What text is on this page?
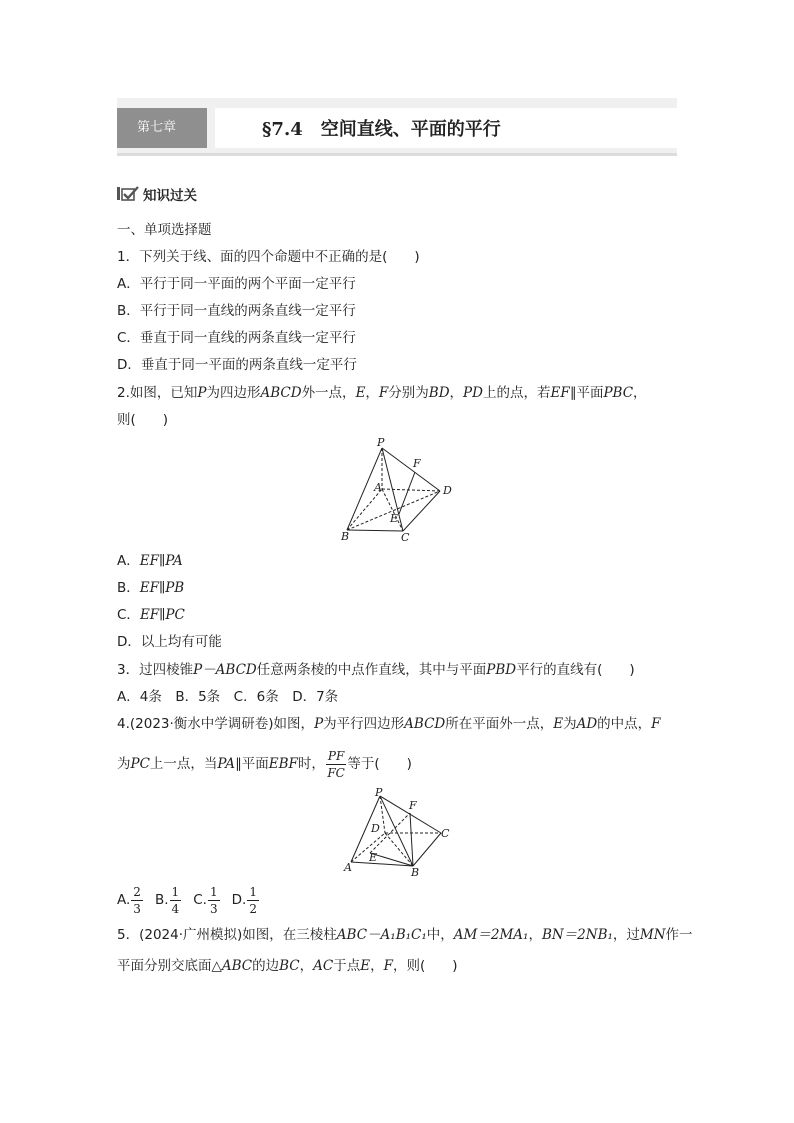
第七章	§7.4　空间直线、平面的平行
知识过关
一、单项选择题
1．下列关于线、面的四个命题中不正确的是(　　)
A．平行于同一平面的两个平面一定平行
B．平行于同一直线的两条直线一定平行
C．垂直于同一直线的两条直线一定平行
D．垂直于同一平面的两条直线一定平行
2.如图，已知P为四边形ABCD外一点，E，F分别为BD，PD上的点，若EF∥平面PBC，
则(　　)
P
F
A	D
E
B	C
A．EF∥PA
B．EF∥PB
C．EF∥PC
D．以上均有可能
3．过四棱锥P－ABCD任意两条棱的中点作直线，其中与平面PBD平行的直线有(　　)
A．4条　B．5条　C．6条　D．7条
4.(2023·衡水中学调研卷)如图，P为平行四边形ABCD所在平面外一点，E为AD的中点，F
为PC上一点，当PA∥平面EBF时， $\frac{PF}{FC}$ 等于(　　)
P
F
D	C
E
A	B
A. $\frac{2}{3}$
  B. $\frac{1}{4}$
  C. $\frac{1}{3}$
  D. $\frac{1}{2}$
5．(2024·广州模拟)如图，在三棱柱ABC－A₁B₁C₁中，AM＝2MA₁，BN＝2NB₁，过MN作一
平面分别交底面△ABC的边BC，AC于点E，F，则(　　)
